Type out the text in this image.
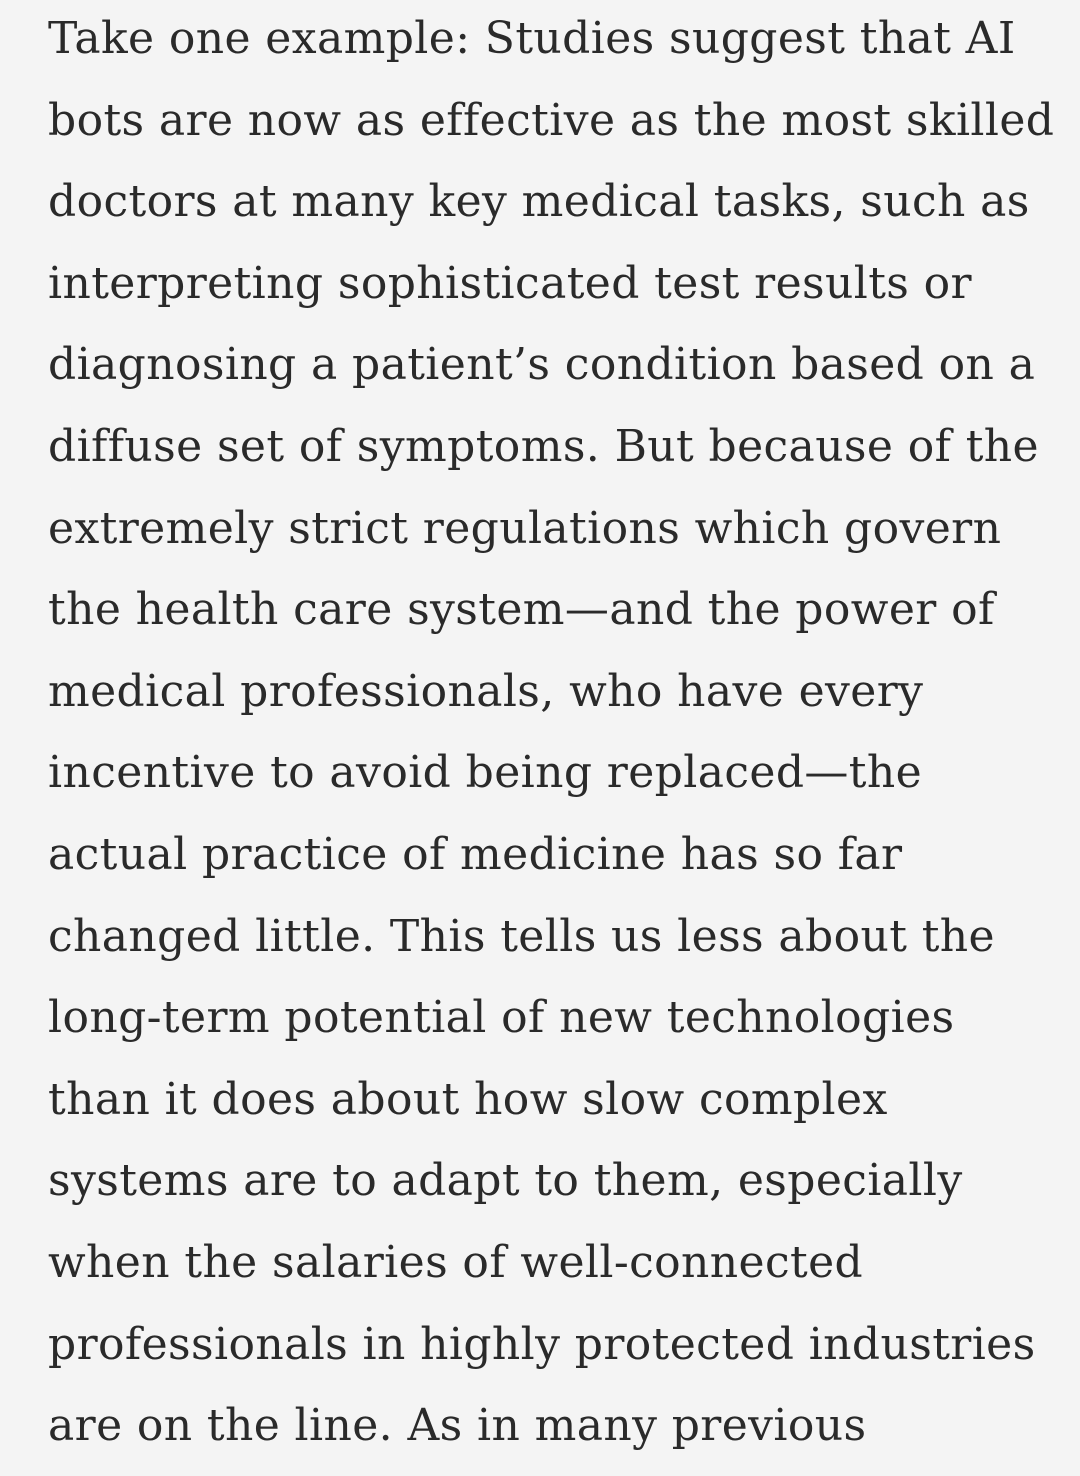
Take one example: Studies suggest that AI
bots are now as effective as the most skilled
doctors at many key medical tasks, such as
interpreting sophisticated test results or
diagnosing a patient’s condition based on a
diffuse set of symptoms. But because of the
extremely strict regulations which govern
the health care system—and the power of
medical professionals, who have every
incentive to avoid being replaced—the
actual practice of medicine has so far
changed little. This tells us less about the
long-term potential of new technologies
than it does about how slow complex
systems are to adapt to them, especially
when the salaries of well-connected
professionals in highly protected industries
are on the line. As in many previous
